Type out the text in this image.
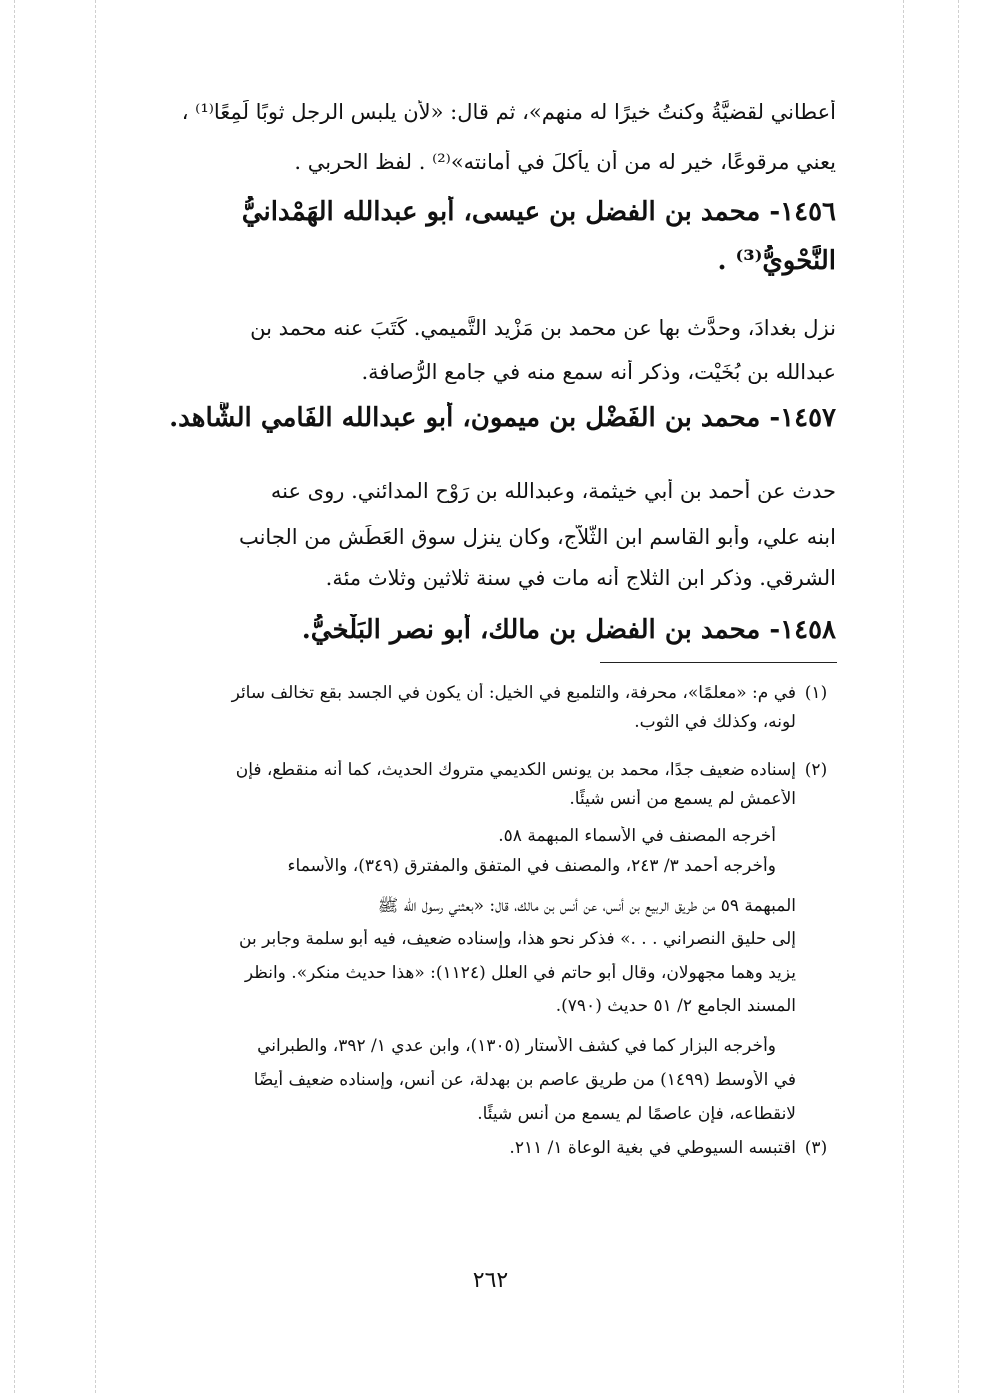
أعطاني لقضيَّةُ وكنتُ خيرًا له منهم»، ثم قال: «لأن يلبس الرجل ثوبًا لَمِعًا⁽¹⁾ ،
يعني مرقوعًا، خير له من أن يأكلَ في أمانته»⁽²⁾ . لفظ الحربي .
١٤٥٦- محمد بن الفضل بن عيسى، أبو عبدالله الهَمْدانيُّ
النَّحْويُّ⁽³⁾ .
نزل بغدادَ، وحدَّث بها عن محمد بن مَزْيد التَّميمي. كَتَبَ عنه محمد بن
عبدالله بن بُخَيْت، وذكر أنه سمع منه في جامع الرُّصافة.
١٤٥٧- محمد بن الفَضْل بن ميمون، أبو عبدالله الفَامي الشَّاهد.
حدث عن أحمد بن أبي خيثمة، وعبدالله بن رَوْح المدائني. روى عنه
ابنه علي، وأبو القاسم ابن الثَّلاَّج، وكان ينزل سوق العَطَش من الجانب
الشرقي. وذكر ابن الثلاج أنه مات في سنة ثلاثين وثلاث مئة.
١٤٥٨- محمد بن الفضل بن مالك، أبو نصر البَلْخيُّ.
(١)في م: «معلمًا»، محرفة، والتلمبع في الخيل: أن يكون في الجسد بقع تخالف سائر
لونه، وكذلك في الثوب.
(٢)إسناده ضعيف جدًا، محمد بن يونس الكديمي متروك الحديث، كما أنه منقطع، فإن
الأعمش لم يسمع من أنس شيئًا.
أخرجه المصنف في الأسماء المبهمة ٥٨.
وأخرجه أحمد ٣/ ٢٤٣، والمصنف في المتفق والمفترق (٣٤٩)، والأسماء
المبهمة ٥٩ من طريق الربيع بن أنس، عن أنس بن مالك، قال: «بعثني رسول الله ﷺ
إلى حليق النصراني . . .» فذكر نحو هذا، وإسناده ضعيف، فيه أبو سلمة وجابر بن
يزيد وهما مجهولان، وقال أبو حاتم في العلل (١١٢٤): «هذا حديث منكر». وانظر
المسند الجامع ٢/ ٥١ حديث (٧٩٠).
وأخرجه البزار كما في كشف الأستار (١٣٠٥)، وابن عدي ١/ ٣٩٢، والطبراني
في الأوسط (١٤٩٩) من طريق عاصم بن بهدلة، عن أنس، وإسناده ضعيف أيضًا
لانقطاعه، فإن عاصمًا لم يسمع من أنس شيئًا.
(٣)اقتبسه السيوطي في بغية الوعاة ١/ ٢١١.
٢٦٢
